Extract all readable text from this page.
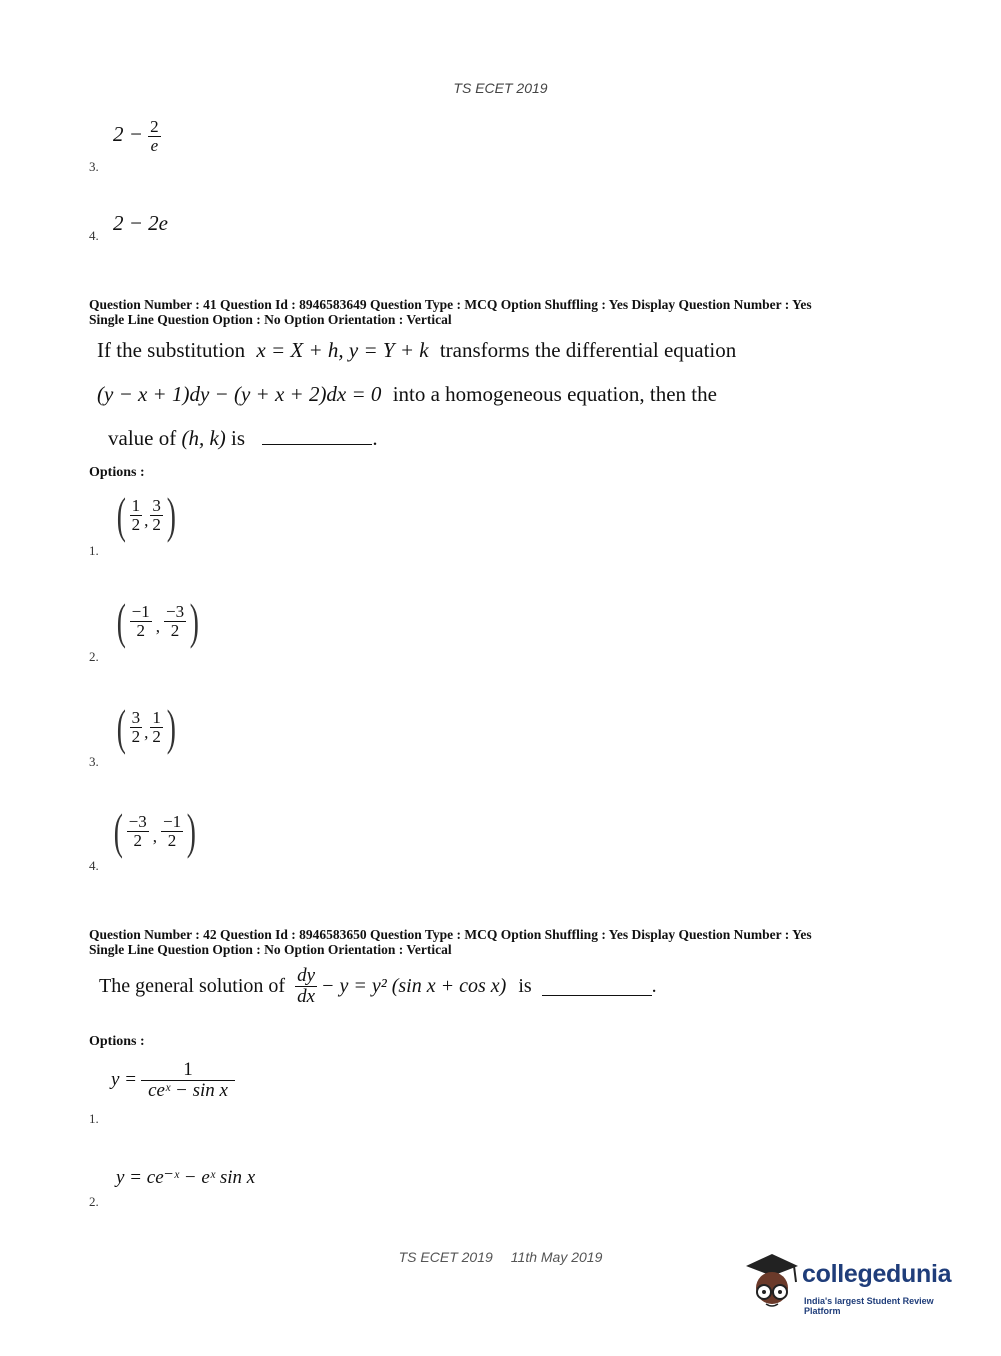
TS ECET 2019
$2 - \frac{2}{e}$
3.
2 − 2e
4.
Question Number : 41 Question Id : 8946583649 Question Type : MCQ Option Shuffling : Yes Display Question Number : Yes
Single Line Question Option : No Option Orientation : Vertical
If the substitution x = X + h, y = Y + k transforms the differential equation
(y − x + 1)dy − (y + x + 2)dx = 0 into a homogeneous equation, then the
value of (h, k) is	.
Options :
( $\frac{1}{2}$ , $\frac{3}{2}$ )
1.
( $\frac{-1}{2}$ , $\frac{-3}{2}$ )
2.
( $\frac{3}{2}$ , $\frac{1}{2}$ )
3.
( $\frac{-3}{2}$ , $\frac{-1}{2}$ )
4.
Question Number : 42 Question Id : 8946583650 Question Type : MCQ Option Shuffling : Yes Display Question Number : Yes
Single Line Question Option : No Option Orientation : Vertical
The general solution of $\frac{dy}{dx} - y = y^2$ (sin x + cos x) is	.
Options :
$y = \frac{1}{\text{ceˣ − sin x}}$
1.
y = ce⁻ˣ − eˣ sin x
2.
TS ECET 2019 11th May 2019
collegedunia
India's largest Student Review Platform
